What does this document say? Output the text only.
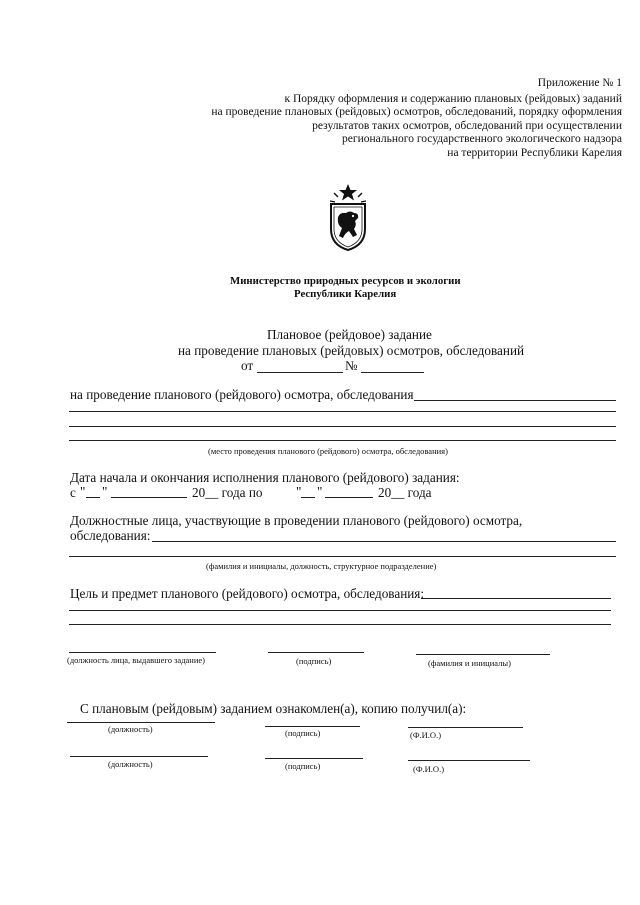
Приложение № 1
к Порядку оформления и содержанию плановых (рейдовых) заданий
на проведение плановых (рейдовых) осмотров, обследований, порядку оформления
результатов таких осмотров, обследований при осуществлении
регионального государственного экологического надзора
на территории Республики Карелия
Министерство природных ресурсов и экологии
Республики Карелия
Плановое (рейдовое) задание
на проведение плановых (рейдовых) осмотров, обследований
от	№
на проведение планового (рейдового) осмотра, обследования
(место проведения планового (рейдового) осмотра, обследования)
Дата начала и окончания исполнения планового (рейдового) задания:
с " "	20__ года по	" "	20__ года
Должностные лица, участвующие в проведении планового (рейдового) осмотра,
обследования:
(фамилия и инициалы, должность, структурное подразделение)
Цель и предмет планового (рейдового) осмотра, обследования:
(должность лица, выдавшего задание)	(подпись)	(фамилия и инициалы)
С плановым (рейдовым) заданием ознакомлен(а), копию получил(а):
(должность)	(подпись)	(Ф.И.О.)
(должность)	(подпись)	(Ф.И.О.)
